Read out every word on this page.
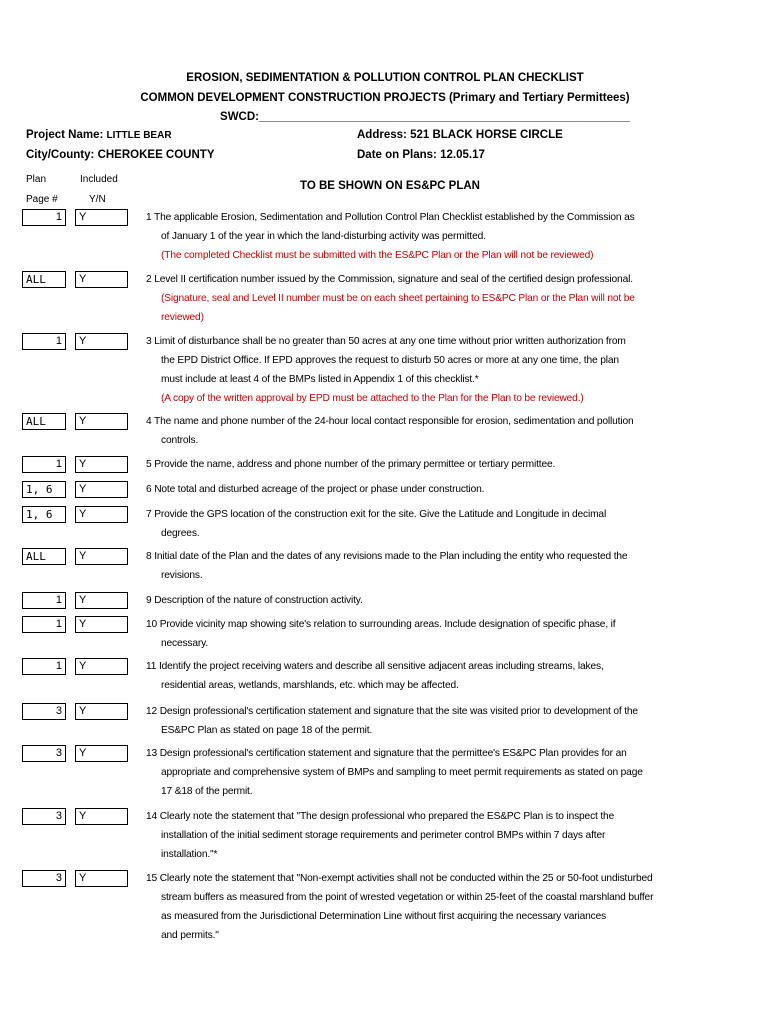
EROSION, SEDIMENTATION & POLLUTION CONTROL PLAN CHECKLIST
COMMON DEVELOPMENT CONSTRUCTION PROJECTS (Primary and Tertiary Permittees)
SWCD:__________________________________________________________
Project Name: LITTLE BEAR
City/County: CHEROKEE COUNTY
Address: 521 BLACK HORSE CIRCLE
Date on Plans: 12.05.17
Plan
Page #
Included
Y/N
TO BE SHOWN ON ES&PC PLAN
1	Y	1 The applicable Erosion, Sedimentation and Pollution Control Plan Checklist established by the Commission as
of January 1 of the year in which the land-disturbing activity was permitted.
(The completed Checklist must be submitted with the ES&PC Plan or the Plan will not be reviewed)
ALL	Y	2 Level II certification number issued by the Commission, signature and seal of the certified design professional.
(Signature, seal and Level II number must be on each sheet pertaining to ES&PC Plan or the Plan will not be
reviewed)
1	Y	3 Limit of disturbance shall be no greater than 50 acres at any one time without prior written authorization from
the EPD District Office. If EPD approves the request to disturb 50 acres or more at any one time, the plan
must include at least 4 of the BMPs listed in Appendix 1 of this checklist.*
(A copy of the written approval by EPD must be attached to the Plan for the Plan to be reviewed.)
ALL	Y	4 The name and phone number of the 24-hour local contact responsible for erosion, sedimentation and pollution
controls.
1	Y	5 Provide the name, address and phone number of the primary permittee or tertiary permittee.
1, 6	Y	6 Note total and disturbed acreage of the project or phase under construction.
1, 6	Y	7 Provide the GPS location of the construction exit for the site. Give the Latitude and Longitude in decimal
degrees.
ALL	Y	8 Initial date of the Plan and the dates of any revisions made to the Plan including the entity who requested the
revisions.
1	Y	9 Description of the nature of construction activity.
1	Y	10 Provide vicinity map showing site's relation to surrounding areas. Include designation of specific phase, if
necessary.
1	Y	11 Identify the project receiving waters and describe all sensitive adjacent areas including streams, lakes,
residential areas, wetlands, marshlands, etc. which may be affected.
3	Y	12 Design professional's certification statement and signature that the site was visited prior to development of the
ES&PC Plan as stated on page 18 of the permit.
3	Y	13 Design professional's certification statement and signature that the permittee's ES&PC Plan provides for an
appropriate and comprehensive system of BMPs and sampling to meet permit requirements as stated on page
17 &18 of the permit.
3	Y	14 Clearly note the statement that "The design professional who prepared the ES&PC Plan is to inspect the
installation of the initial sediment storage requirements and perimeter control BMPs within 7 days after
installation."*
3	Y	15 Clearly note the statement that "Non-exempt activities shall not be conducted within the 25 or 50-foot undisturbed
stream buffers as measured from the point of wrested vegetation or within 25-feet of the coastal marshland buffer
as measured from the Jurisdictional Determination Line without first acquiring the necessary variances
and permits."
